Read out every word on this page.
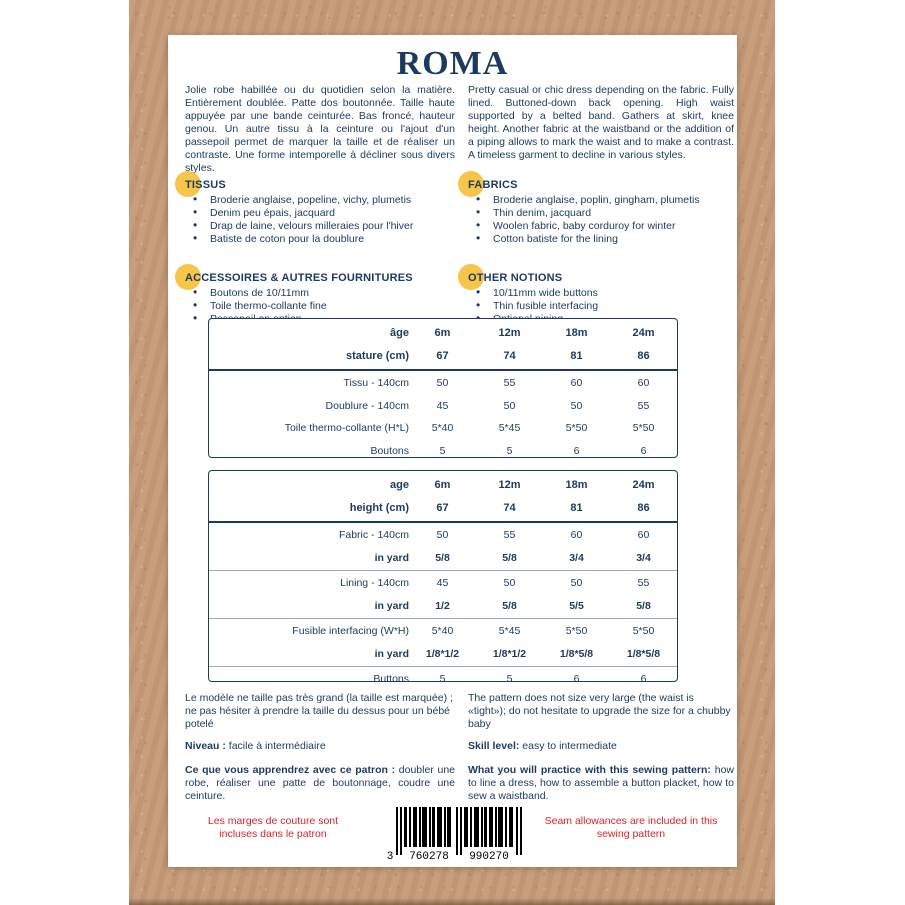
ROMA
Jolie robe habillée ou du quotidien selon la matière. Entièrement doublée. Patte dos boutonnée. Taille haute appuyée par une bande ceinturée. Bas froncé, hauteur genou. Un autre tissu à la ceinture ou l'ajout d'un passepoil permet de marquer la taille et de réaliser un contraste. Une forme intemporelle à décliner sous divers styles.
Pretty casual or chic dress depending on the fabric. Fully lined. Buttoned-down back opening. High waist supported by a belted band. Gathers at skirt, knee height. Another fabric at the waistband or the addition of a piping allows to mark the waist and to make a contrast. A timeless garment to decline in various styles.
TISSUS
• Broderie anglaise, popeline, vichy, plumetis
• Denim peu épais, jacquard
• Drap de laine, velours milleraies pour l'hiver
• Batiste de coton pour la doublure
ACCESSOIRES & AUTRES FOURNITURES
• Boutons de 10/11mm
• Toile thermo-collante fine
•
FABRICS
• Broderie anglaise, poplin, gingham, plumetis
• Thin denim, jacquard
• Woolen fabric, baby corduroy for winter
• Cotton batiste for the lining
OTHER NOTIONS
• 10/11mm wide buttons
• Thin fusible interfacing
•
âge	6m	12m	18m	24m
stature (cm)	67	74	81	86
Tissu - 140cm	50	55	60	60
Doublure - 140cm	45	50	50	55
Toile thermo-collante (H*L)	5*40	5*45	5*50	5*50
Boutons	5	5	6	6
age	6m	12m	18m	24m
height (cm)	67	74	81	86
Fabric - 140cm	50	55	60	60
in yard	5/8	5/8	3/4	3/4
Lining - 140cm	45	50	50	55
in yard	1/2	5/8	5/5	5/8
Fusible interfacing (W*H)	5*40	5*45	5*50	5*50
in yard	1/8*1/2	1/8*1/2	1/8*5/8	1/8*5/8
Buttons	5	5	6	6

Le modèle ne taille pas très grand (la taille est marquée) ; ne pas hésiter à prendre la taille du dessus pour un bébé potelé

Niveau : facile à intermédiaire

Ce que vous apprendrez avec ce patron : doubler une robe, réaliser une patte de boutonnage, coudre une ceinture.

The pattern does not size very large (the waist is «tight»); do not hesitate to upgrade the size for a chubby baby

Skill level: easy to intermediate

What you will practice with this sewing pattern: how to line a dress, how to assemble a button placket, how to sew a waistband.

Les marges de couture sont incluses dans le patron
Seam allowances are included in this sewing pattern
3 760278 990270
